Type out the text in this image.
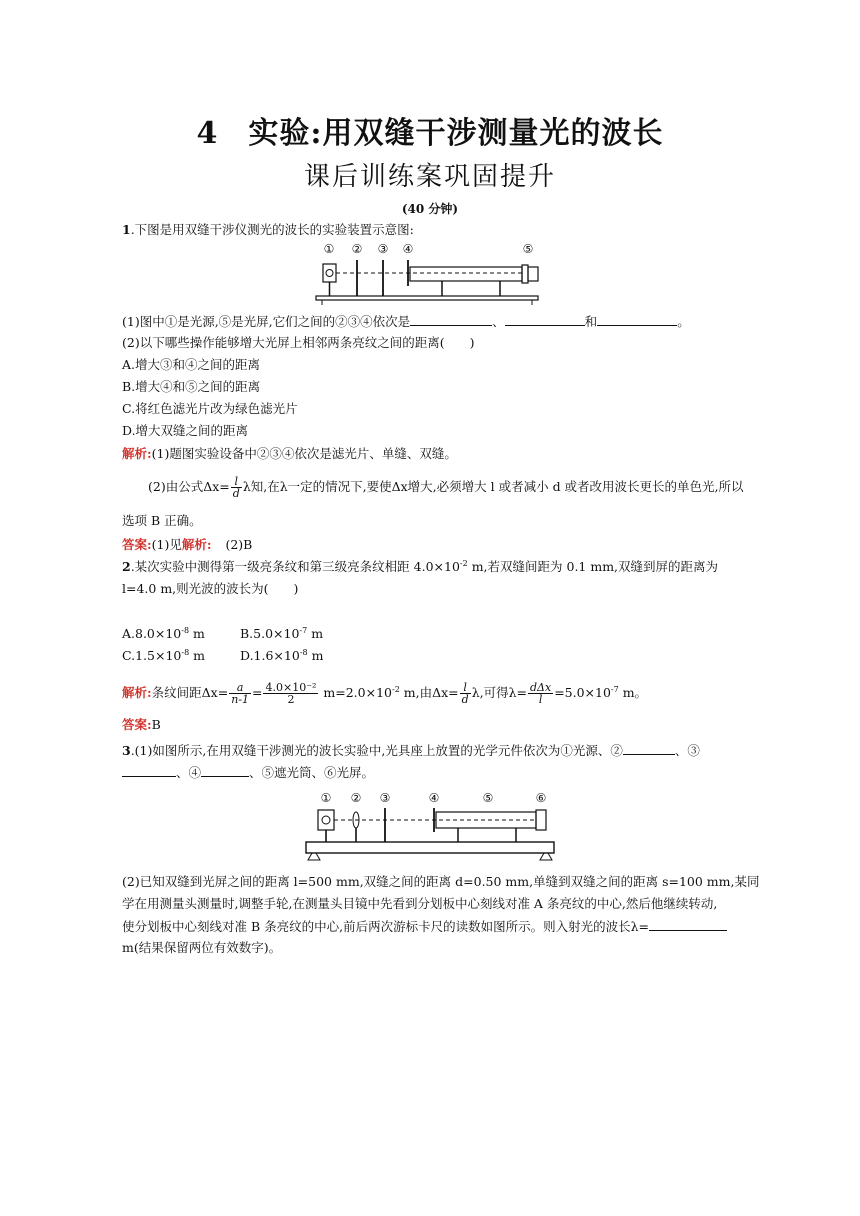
4 实验:用双缝干涉测量光的波长
课后训练案巩固提升
(40 分钟)
1.下图是用双缝干涉仪测光的波长的实验装置示意图:
① ② ③ ④	⑤
(1)图中①是光源,⑤是光屏,它们之间的②③④依次是	、	和	。
(2)以下哪些操作能够增大光屏上相邻两条亮纹之间的距离(　　)
A.增大③和④之间的距离
B.增大④和⑤之间的距离
C.将红色滤光片改为绿色滤光片
D.增大双缝之间的距离
解析:(1)题图实验设备中②③④依次是滤光片、单缝、双缝。
(2)由公式$\Delta x= \frac{l}{d}$ λ知,在λ一定的情况下,要使Δx增大,必须增大 l 或者减小 d 或者改用波长更长的单色光,所以
选项 B 正确。
答案:(1)见解析: (2)B
2.某次实验中测得第一级亮条纹和第三级亮条纹相距 $4.0\times 10^{-2}$ m,若双缝间距为 0.1 mm,双缝到屏的距离为
l=4.0 m,则光波的波长为(　　)
$A.8.0\times 10^{-8}$ m	$B.5.0\times 10^{-7}$ m
$C.1.5\times 10^{-8}$ m	$D.1.6\times 10^{-8}$ m
解析:条纹间距$\Delta x= \frac{a}{n-1} = \frac{\text{4.0×10⁻²}}{2} m=2.0\times 10^{-2}$ m,由$\Delta x= \frac{l}{d} \lambda$,可得$\lambda= \frac{\text{dΔx}}{l} =5.0\times 10^{-7}$ m。
答案:B
3.(1)如图所示,在用双缝干涉测光的波长实验中,光具座上放置的光学元件依次为①光源、②	、③
、④	、⑤遮光筒、⑥光屏。
① ② ③	④	⑤	⑥
(2)已知双缝到光屏之间的距离 l=500 mm,双缝之间的距离 d=0.50 mm,单缝到双缝之间的距离 s=100 mm,某同
学在用测量头测量时,调整手轮,在测量头目镜中先看到分划板中心刻线对准 A 条亮纹的中心,然后他继续转动,
使分划板中心刻线对准 B 条亮纹的中心,前后两次游标卡尺的读数如图所示。则入射光的波长λ=
m(结果保留两位有效数字)。
